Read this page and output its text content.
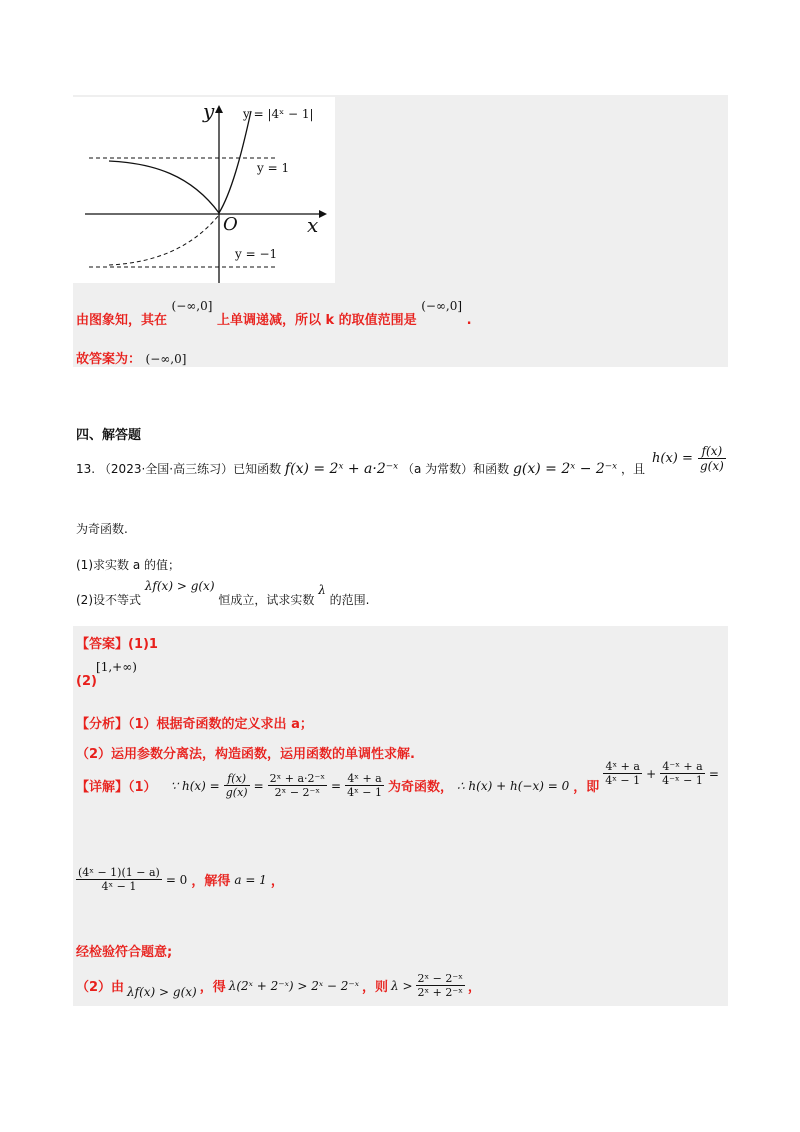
y
x
O
y = |4ˣ − 1|
y = 1
y = −1
由图象知，其在 (−∞,0] 上单调递减，所以 k 的取值范围是 (−∞,0] .
故答案为： (−∞,0]
四、解答题
13. （2023·全国·高三练习）已知函数 f(x) = 2ˣ + a·2⁻ˣ （a 为常数）和函数 g(x) = 2ˣ − 2⁻ˣ ，且
$h(x) = \frac{f(x)}{g(x)}$
为奇函数.
(1)求实数 a 的值；
(2)设不等式 λf(x) > g(x) 恒成立，试求实数 λ 的范围.
【答案】(1)1
$_{(2)}$ [1,+∞)
【分析】（1）根据奇函数的定义求出 a；
（2）运用参数分离法，构造函数，运用函数的单调性求解.
【详解】（1） ∵ $h(x) = \frac{f(x)}{g(x)} = \frac{\text{2ˣ + a·2⁻ˣ}}{\text{2ˣ − 2⁻ˣ}} = \frac{\text{4ˣ + a}}{\text{4ˣ − 1}}$ 为奇函数， ∴ h(x) + h(−x) = 0 ，即
$\frac{\text{4ˣ + a}}{\text{4ˣ − 1}} + \frac{\text{4⁻ˣ + a}}{\text{4⁻ˣ − 1}}$ =
$\frac{\text{(4ˣ − 1)(1 − a)}}{\text{4ˣ − 1}} = 0$ ，解得 a = 1 ，
经检验符合题意;
（2）由 λf(x) > g(x) ，得 λ(2ˣ + 2⁻ˣ) > 2ˣ − 2⁻ˣ ，则 $\lambda > \frac{\text{2ˣ − 2⁻ˣ}}{\text{2ˣ + 2⁻ˣ}}$ ，
